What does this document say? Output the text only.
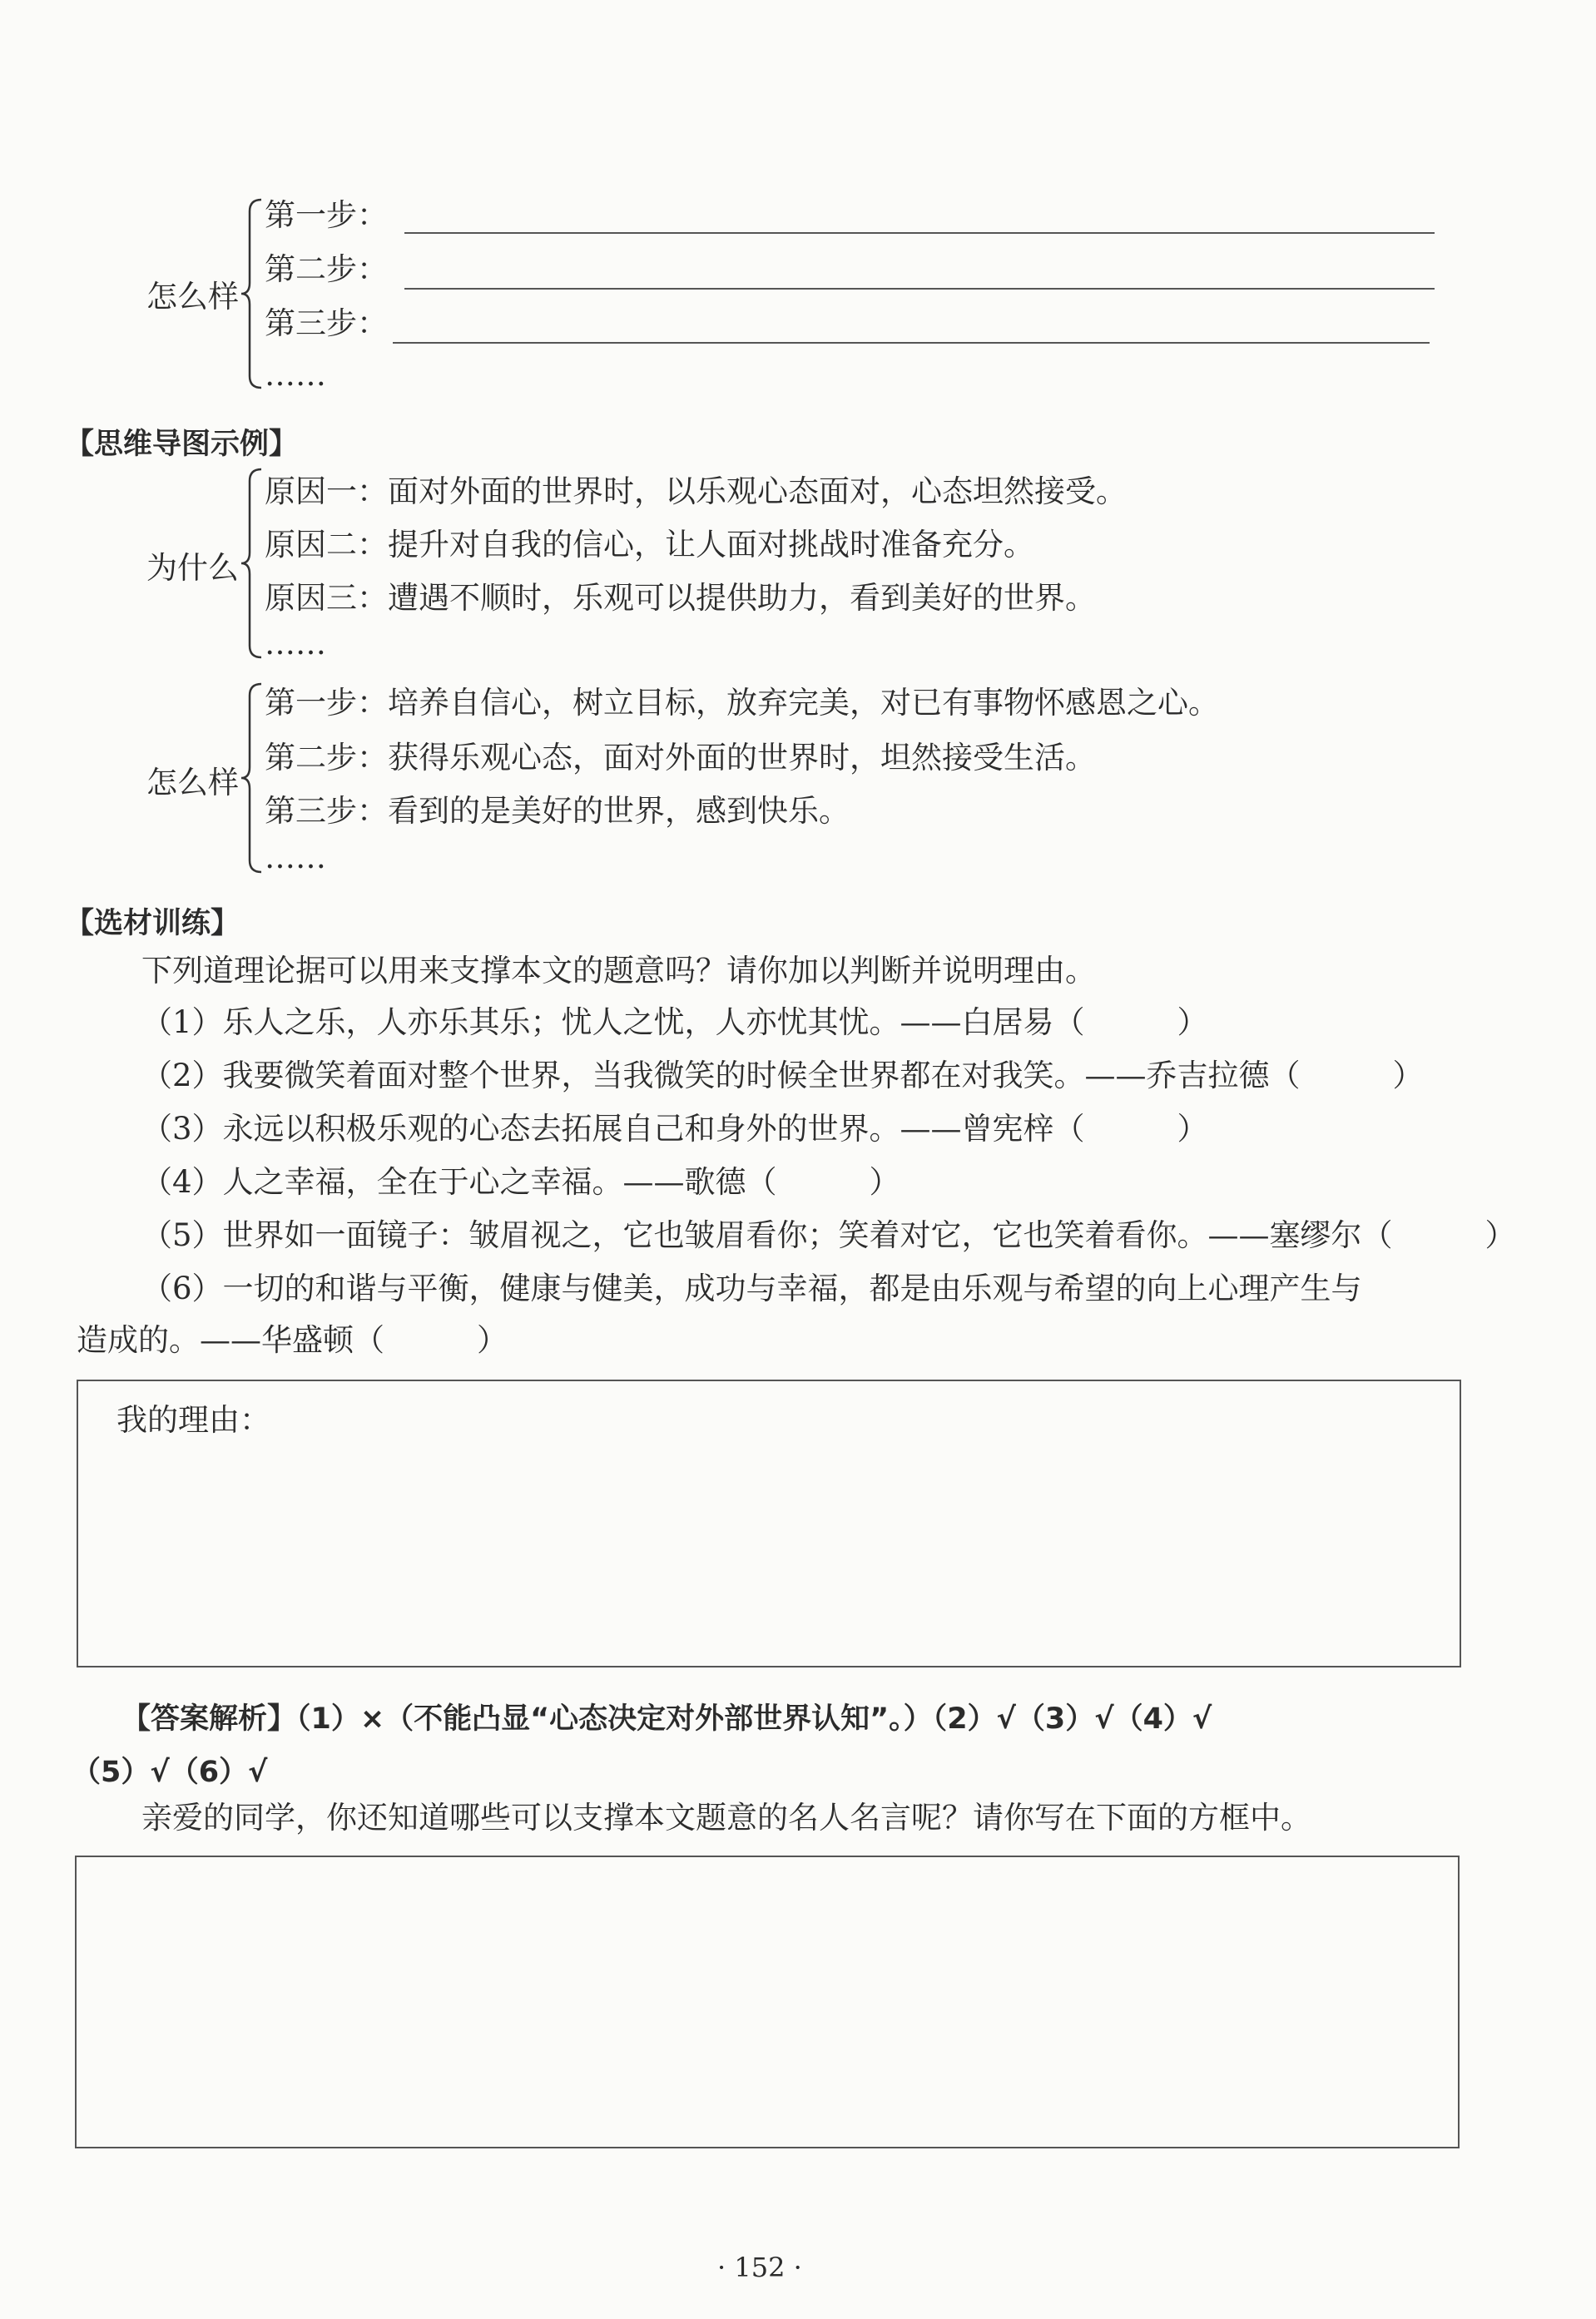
怎么样
第一步：
第二步：
第三步：
……
【思维导图示例】
为什么
原因一：面对外面的世界时，以乐观心态面对，心态坦然接受。
原因二：提升对自我的信心，让人面对挑战时准备充分。
原因三：遭遇不顺时，乐观可以提供助力，看到美好的世界。
……
怎么样
第一步：培养自信心，树立目标，放弃完美，对已有事物怀感恩之心。
第二步：获得乐观心态，面对外面的世界时，坦然接受生活。
第三步：看到的是美好的世界，感到快乐。
……
【选材训练】
下列道理论据可以用来支撑本文的题意吗？请你加以判断并说明理由。
（1）乐人之乐，人亦乐其乐；忧人之忧，人亦忧其忧。——白居易（　　　）
（2）我要微笑着面对整个世界，当我微笑的时候全世界都在对我笑。——乔吉拉德（　　　）
（3）永远以积极乐观的心态去拓展自己和身外的世界。——曾宪梓（　　　）
（4）人之幸福，全在于心之幸福。——歌德（　　　）
（5）世界如一面镜子：皱眉视之，它也皱眉看你；笑着对它，它也笑着看你。——塞缪尔（　　　）
（6）一切的和谐与平衡，健康与健美，成功与幸福，都是由乐观与希望的向上心理产生与
造成的。——华盛顿（　　　）
我的理由：
【答案解析】（1）×（不能凸显“心态决定对外部世界认知”。）（2）√（3）√（4）√
（5）√（6）√
亲爱的同学，你还知道哪些可以支撑本文题意的名人名言呢？请你写在下面的方框中。
· 152 ·
